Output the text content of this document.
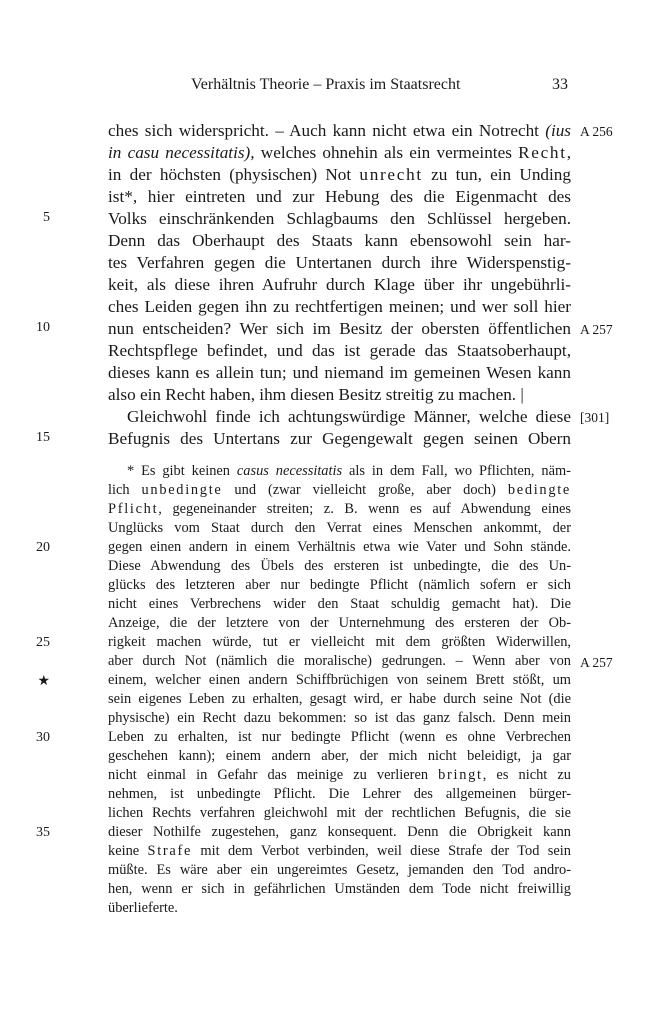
Verhältnis Theorie – Praxis im Staatsrecht	33
ches sich widerspricht. – Auch kann nicht etwa ein Notrecht (ius
in casu necessitatis), welches ohnehin als ein vermeintes Recht,
in der höchsten (physischen) Not unrecht zu tun, ein Unding
ist*, hier eintreten und zur Hebung des die Eigenmacht des
Volks einschränkenden Schlagbaums den Schlüssel hergeben.
Denn das Oberhaupt des Staats kann ebensowohl sein har-
tes Verfahren gegen die Untertanen durch ihre Widerspenstig-
keit, als diese ihren Aufruhr durch Klage über ihr ungebührli-
ches Leiden gegen ihn zu rechtfertigen meinen; und wer soll hier
nun entscheiden? Wer sich im Besitz der obersten öffentlichen
Rechtspflege befindet, und das ist gerade das Staatsoberhaupt,
dieses kann es allein tun; und niemand im gemeinen Wesen kann
also ein Recht haben, ihm diesen Besitz streitig zu machen. |
Gleichwohl finde ich achtungswürdige Männer, welche diese
Befugnis des Untertans zur Gegengewalt gegen seinen Obern
* Es gibt keinen casus necessitatis als in dem Fall, wo Pflichten, näm-
lich unbedingte und (zwar vielleicht große, aber doch) bedingte
Pflicht, gegeneinander streiten; z. B. wenn es auf Abwendung eines
Unglücks vom Staat durch den Verrat eines Menschen ankommt, der
gegen einen andern in einem Verhältnis etwa wie Vater und Sohn stände.
Diese Abwendung des Übels des ersteren ist unbedingte, die des Un-
glücks des letzteren aber nur bedingte Pflicht (nämlich sofern er sich
nicht eines Verbrechens wider den Staat schuldig gemacht hat). Die
Anzeige, die der letztere von der Unternehmung des ersteren der Ob-
rigkeit machen würde, tut er vielleicht mit dem größten Widerwillen,
aber durch Not (nämlich die moralische) gedrungen. – Wenn aber von
einem, welcher einen andern Schiffbrüchigen von seinem Brett stößt, um
sein eigenes Leben zu erhalten, gesagt wird, er habe durch seine Not (die
physische) ein Recht dazu bekommen: so ist das ganz falsch. Denn mein
Leben zu erhalten, ist nur bedingte Pflicht (wenn es ohne Verbrechen
geschehen kann); einem andern aber, der mich nicht beleidigt, ja gar
nicht einmal in Gefahr das meinige zu verlieren bringt, es nicht zu
nehmen, ist unbedingte Pflicht. Die Lehrer des allgemeinen bürger-
lichen Rechts verfahren gleichwohl mit der rechtlichen Befugnis, die sie
dieser Nothilfe zugestehen, ganz konsequent. Denn die Obrigkeit kann
keine Strafe mit dem Verbot verbinden, weil diese Strafe der Tod sein
müßte. Es wäre aber ein ungereimtes Gesetz, jemanden den Tod andro-
hen, wenn er sich in gefährlichen Umständen dem Tode nicht freiwillig
überlieferte.
5
10
15
20
25
★
30
35
A 256
A 257
[301]
A 257
